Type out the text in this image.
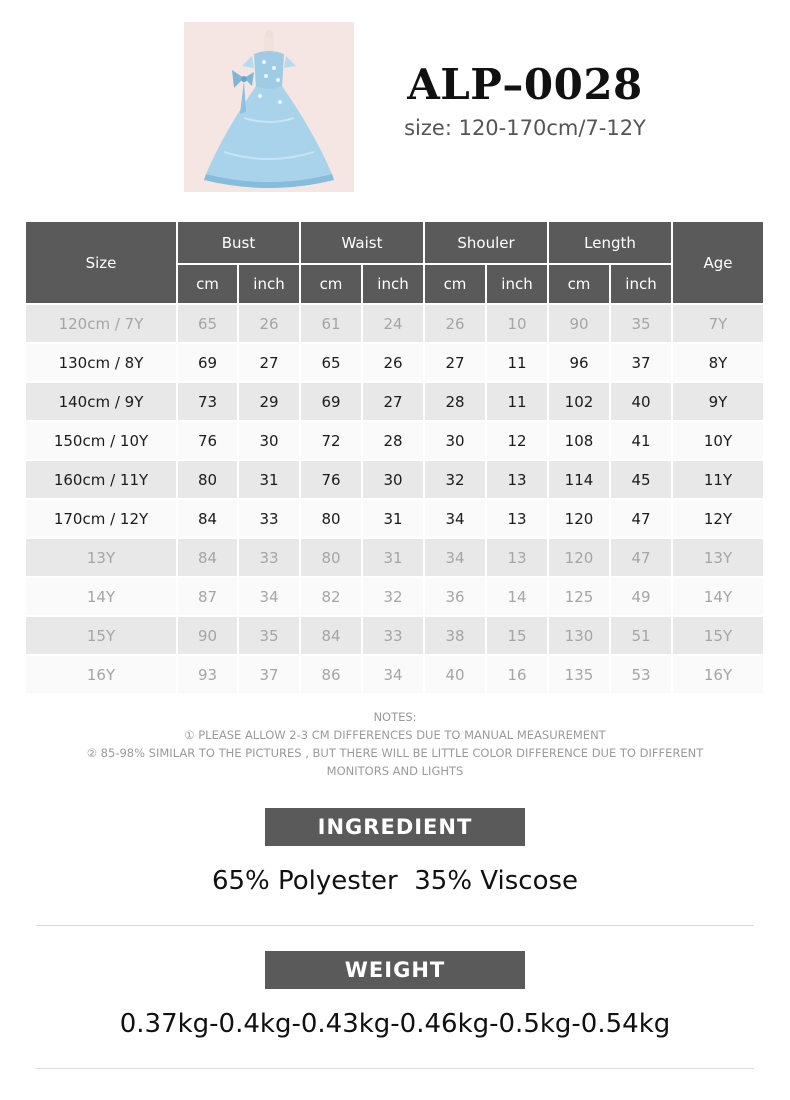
ALP–0028
size: 120-170cm/7-12Y
Size	Bust		Waist		Shouler		Length		Age
	cm	inch	cm	inch	cm	inch	cm	inch	
120cm / 7Y	65	26	61	24	26	10	90	35	7Y
130cm / 8Y	69	27	65	26	27	11	96	37	8Y
140cm / 9Y	73	29	69	27	28	11	102	40	9Y
150cm / 10Y	76	30	72	28	30	12	108	41	10Y
160cm / 11Y	80	31	76	30	32	13	114	45	11Y
170cm / 12Y	84	33	80	31	34	13	120	47	12Y
13Y	84	33	80	31	34	13	120	47	13Y
14Y	87	34	82	32	36	14	125	49	14Y
15Y	90	35	84	33	38	15	130	51	15Y
16Y	93	37	86	34	40	16	135	53	16Y
NOTES:
① PLEASE ALLOW 2-3 CM DIFFERENCES DUE TO MANUAL MEASUREMENT
② 85-98% SIMILAR TO THE PICTURES , BUT THERE WILL BE LITTLE COLOR DIFFERENCE DUE TO DIFFERENT
MONITORS AND LIGHTS
INGREDIENT
65% Polyester  35% Viscose
WEIGHT
0.37kg-0.4kg-0.43kg-0.46kg-0.5kg-0.54kg
